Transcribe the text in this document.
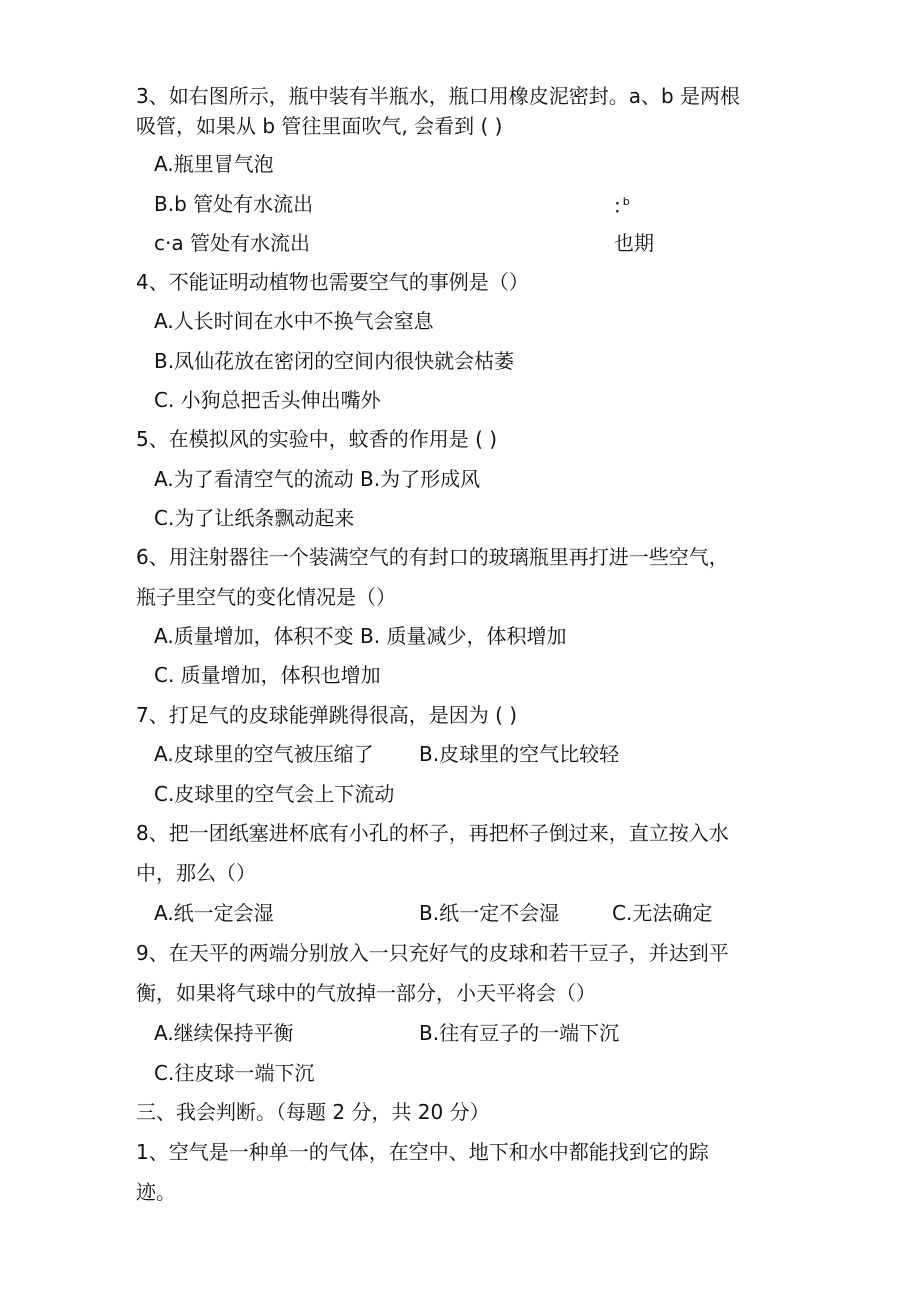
3、如右图所示，瓶中装有半瓶水，瓶口用橡皮泥密封。a、b 是两根
吸管，如果从 b 管往里面吹气, 会看到 ( )
A.瓶里冒气泡
B.b 管处有水流出	: $^b$
c·a 管处有水流出	也期
4、不能证明动植物也需要空气的事例是（）
A.人长时间在水中不换气会窒息
B.凤仙花放在密闭的空间内很快就会枯萎
C. 小狗总把舌头伸出嘴外
5、在模拟风的实验中，蚊香的作用是 ( )
A.为了看清空气的流动 B.为了形成风
C.为了让纸条飘动起来
6、用注射器往一个装满空气的有封口的玻璃瓶里再打进一些空气，
瓶子里空气的变化情况是（）
A.质量增加，体积不变 B. 质量减少，体积增加
C. 质量增加，体积也增加
7、打足气的皮球能弹跳得很高，是因为 ( )
A.皮球里的空气被压缩了 B.皮球里的空气比较轻
C.皮球里的空气会上下流动
8、把一团纸塞进杯底有小孔的杯子，再把杯子倒过来，直立按入水
中，那么（）
A.纸一定会湿	B.纸一定不会湿	C.无法确定
9、在天平的两端分别放入一只充好气的皮球和若干豆子，并达到平
衡，如果将气球中的气放掉一部分，小天平将会（）
A.继续保持平衡	B.往有豆子的一端下沉
C.往皮球一端下沉
三、我会判断。（每题 2 分，共 20 分）
1、空气是一种单一的气体，在空中、地下和水中都能找到它的踪
迹。
